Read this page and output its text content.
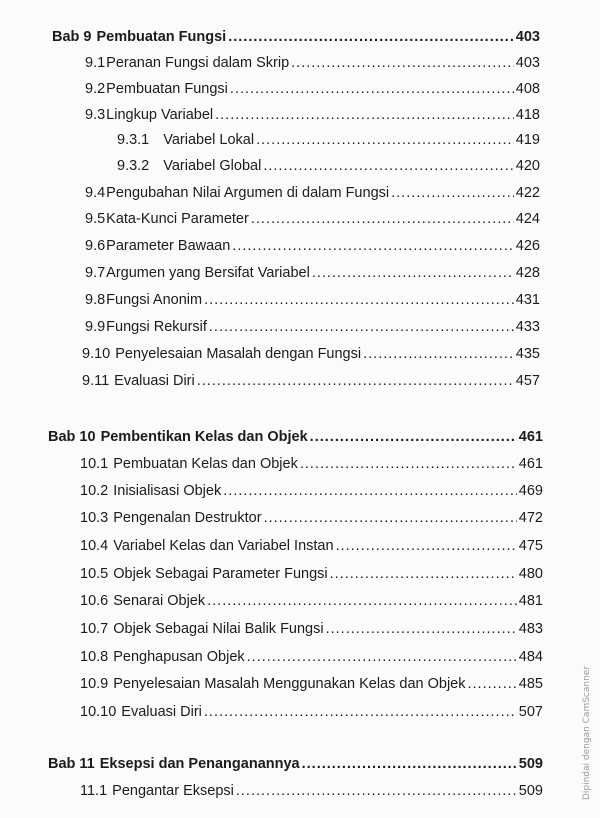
Bab 9 Pembuatan Fungsi .....	403
9.1 Peranan Fungsi dalam Skrip .....	403
9.2 Pembuatan Fungsi .....	408
9.3 Lingkup Variabel .....	418
9.3.1 Variabel Lokal .....	419
9.3.2 Variabel Global .....	420
9.4 Pengubahan Nilai Argumen di dalam Fungsi .....	422
9.5 Kata-Kunci Parameter .....	424
9.6 Parameter Bawaan .....	426
9.7 Argumen yang Bersifat Variabel .....	428
9.8 Fungsi Anonim .....	431
9.9 Fungsi Rekursif .....	433
9.10 Penyelesaian Masalah dengan Fungsi .....	435
9.11 Evaluasi Diri .....	457
Bab 10 Pembentikan Kelas dan Objek .....	461
10.1 Pembuatan Kelas dan Objek .....	461
10.2 Inisialisasi Objek .....	469
10.3 Pengenalan Destruktor .....	472
10.4 Variabel Kelas dan Variabel Instan .....	475
10.5 Objek Sebagai Parameter Fungsi .....	480
10.6 Senarai Objek .....	481
10.7 Objek Sebagai Nilai Balik Fungsi .....	483
10.8 Penghapusan Objek .....	484
10.9 Penyelesaian Masalah Menggunakan Kelas dan Objek .....	485
10.10 Evaluasi Diri .....	507
Bab 11 Eksepsi dan Penanganannya .....	509
11.1 Pengantar Eksepsi .....	509	Dipindai dengan CamScanner
